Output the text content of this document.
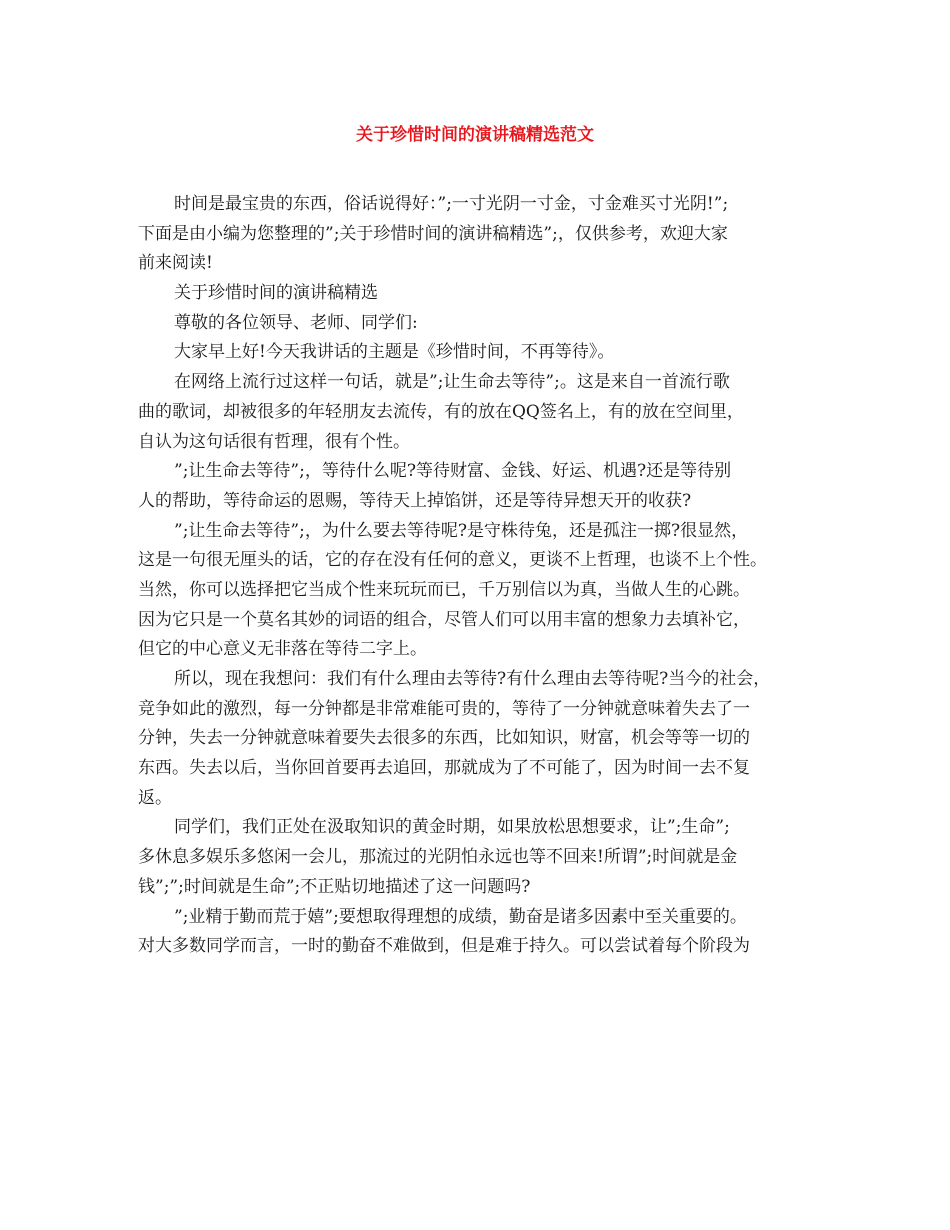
关于珍惜时间的演讲稿精选范文
时间是最宝贵的东西，俗话说得好：”;一寸光阴一寸金，寸金难买寸光阴!”;
下面是由小编为您整理的”;关于珍惜时间的演讲稿精选”;，仅供参考，欢迎大家
前来阅读!
关于珍惜时间的演讲稿精选
尊敬的各位领导、老师、同学们:
大家早上好!今天我讲话的主题是《珍惜时间，不再等待》。
在网络上流行过这样一句话，就是”;让生命去等待”;。这是来自一首流行歌
曲的歌词，却被很多的年轻朋友去流传，有的放在QQ签名上，有的放在空间里，
自认为这句话很有哲理，很有个性。
”;让生命去等待”;，等待什么呢?等待财富、金钱、好运、机遇?还是等待别
人的帮助，等待命运的恩赐，等待天上掉馅饼，还是等待异想天开的收获?
”;让生命去等待”;，为什么要去等待呢?是守株待兔，还是孤注一掷?很显然，
这是一句很无厘头的话，它的存在没有任何的意义，更谈不上哲理，也谈不上个性。
当然，你可以选择把它当成个性来玩玩而已，千万别信以为真，当做人生的心跳。
因为它只是一个莫名其妙的词语的组合，尽管人们可以用丰富的想象力去填补它，
但它的中心意义无非落在等待二字上。
所以，现在我想问：我们有什么理由去等待?有什么理由去等待呢?当今的社会，
竞争如此的激烈，每一分钟都是非常难能可贵的，等待了一分钟就意味着失去了一
分钟，失去一分钟就意味着要失去很多的东西，比如知识，财富，机会等等一切的
东西。失去以后，当你回首要再去追回，那就成为了不可能了，因为时间一去不复
返。
同学们，我们正处在汲取知识的黄金时期，如果放松思想要求，让”;生命”;
多休息多娱乐多悠闲一会儿，那流过的光阴怕永远也等不回来!所谓”;时间就是金
钱”;”;时间就是生命”;不正贴切地描述了这一问题吗?
”;业精于勤而荒于嬉”;要想取得理想的成绩，勤奋是诸多因素中至关重要的。
对大多数同学而言，一时的勤奋不难做到，但是难于持久。可以尝试着每个阶段为
